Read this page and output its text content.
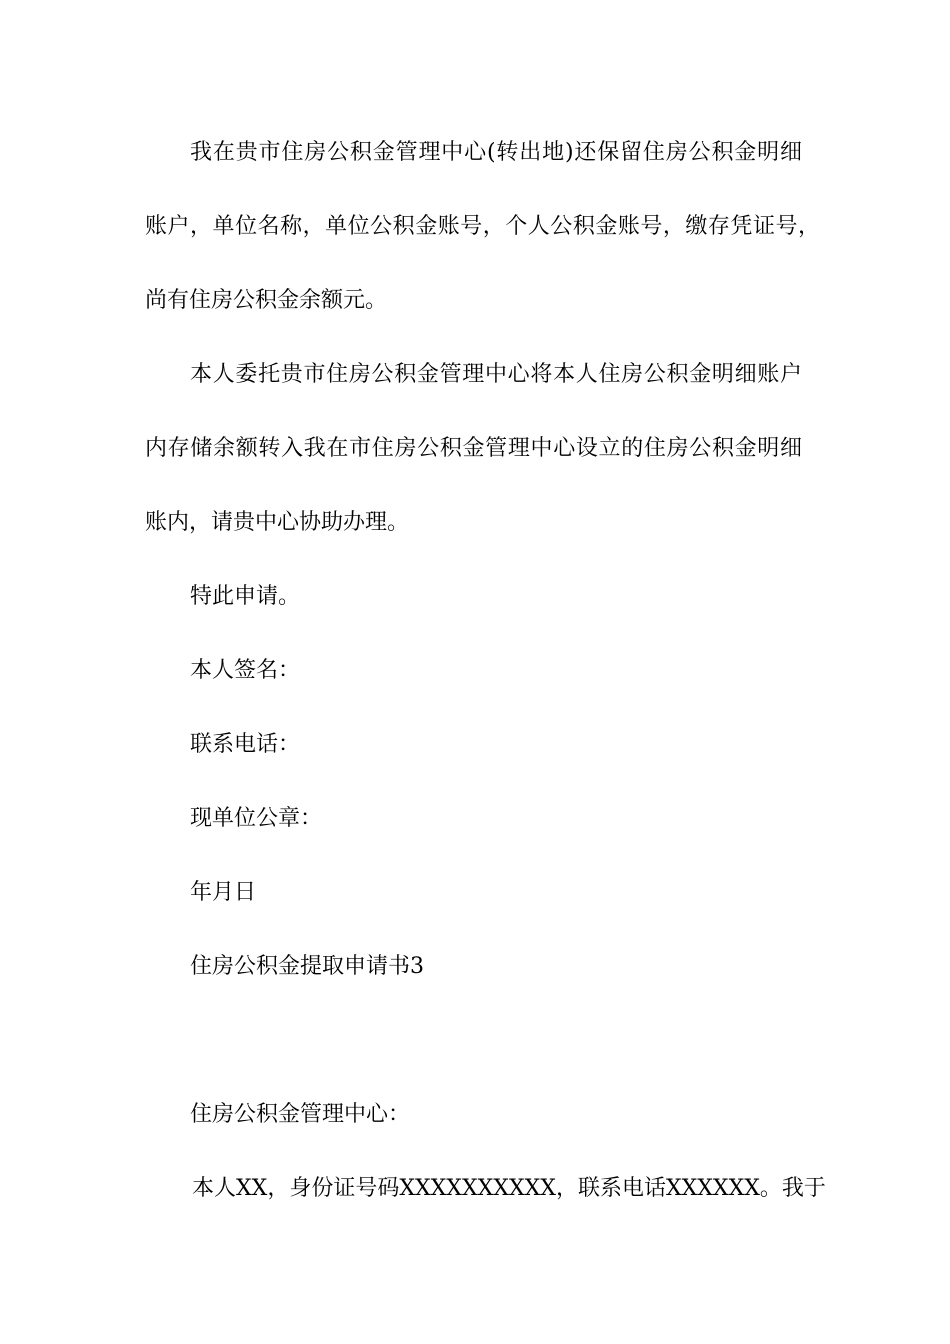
我在贵市住房公积金管理中心(转出地)还保留住房公积金明细
账户，单位名称，单位公积金账号，个人公积金账号，缴存凭证号，
尚有住房公积金余额元。
本人委托贵市住房公积金管理中心将本人住房公积金明细账户
内存储余额转入我在市住房公积金管理中心设立的住房公积金明细
账内，请贵中心协助办理。
特此申请。
本人签名：
联系电话：
现单位公章：
年月日
住房公积金提取申请书3
住房公积金管理中心：
本人XX，身份证号码XXXXXXXXXX，联系电话XXXXXX。我于
